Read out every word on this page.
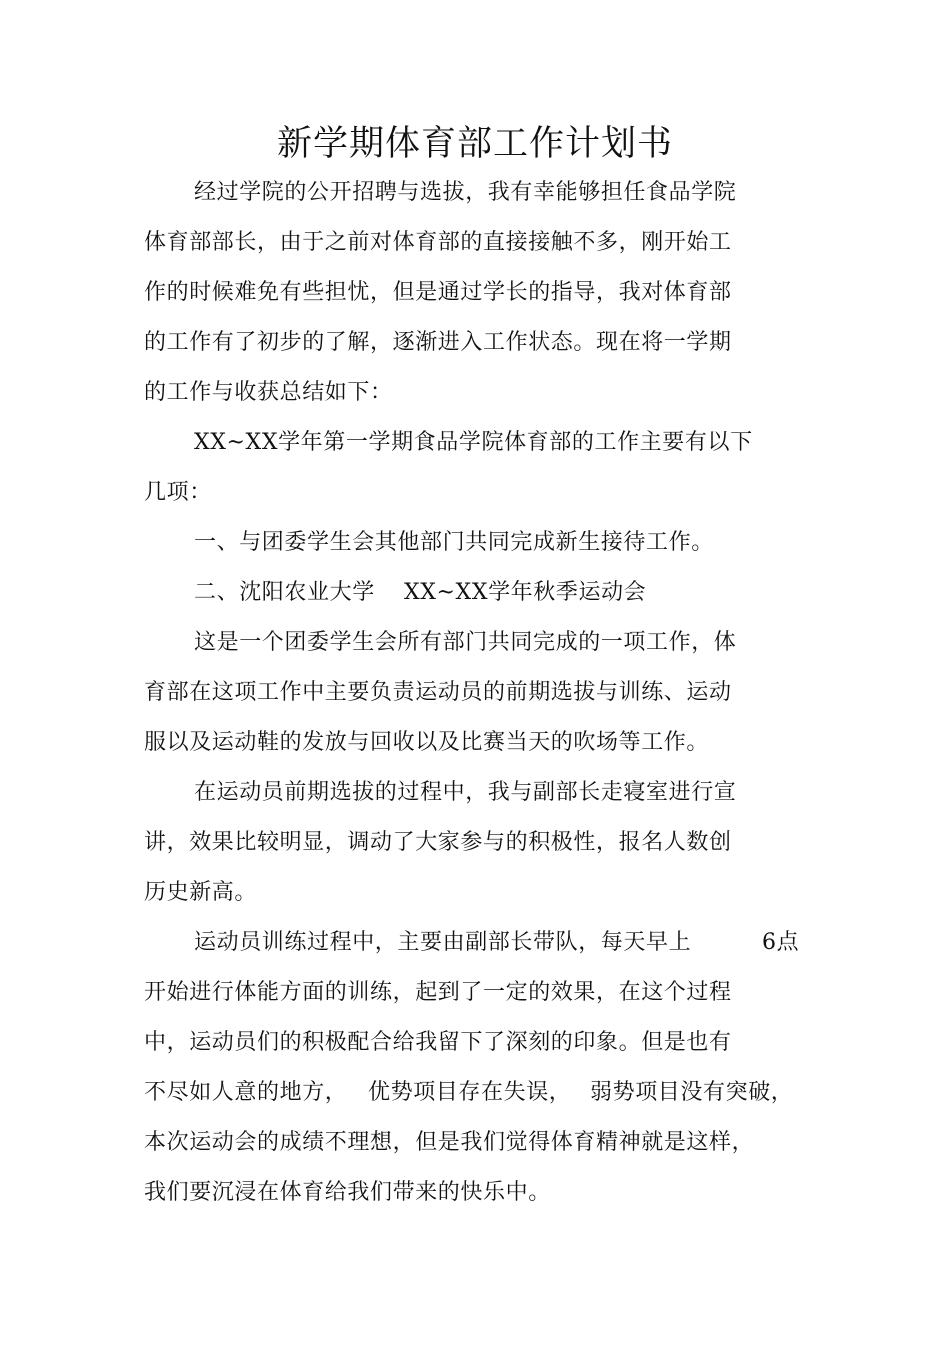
新学期体育部工作计划书
经过学院的公开招聘与选拔，我有幸能够担任食品学院
体育部部长，由于之前对体育部的直接接触不多，刚开始工
作的时候难免有些担忧，但是通过学长的指导，我对体育部
的工作有了初步的了解，逐渐进入工作状态。现在将一学期
的工作与收获总结如下：
XX~XX学年第一学期食品学院体育部的工作主要有以下
几项：
一、与团委学生会其他部门共同完成新生接待工作。
二、沈阳农业大学 XX~XX学年秋季运动会
这是一个团委学生会所有部门共同完成的一项工作，体
育部在这项工作中主要负责运动员的前期选拔与训练、运动
服以及运动鞋的发放与回收以及比赛当天的吹场等工作。
在运动员前期选拔的过程中，我与副部长走寝室进行宣
讲，效果比较明显，调动了大家参与的积极性，报名人数创
历史新高。
运动员训练过程中，主要由副部长带队，每天早上	6点
开始进行体能方面的训练，起到了一定的效果，在这个过程
中，运动员们的积极配合给我留下了深刻的印象。但是也有
不尽如人意的地方， 优势项目存在失误， 弱势项目没有突破，
本次运动会的成绩不理想，但是我们觉得体育精神就是这样，
我们要沉浸在体育给我们带来的快乐中。
